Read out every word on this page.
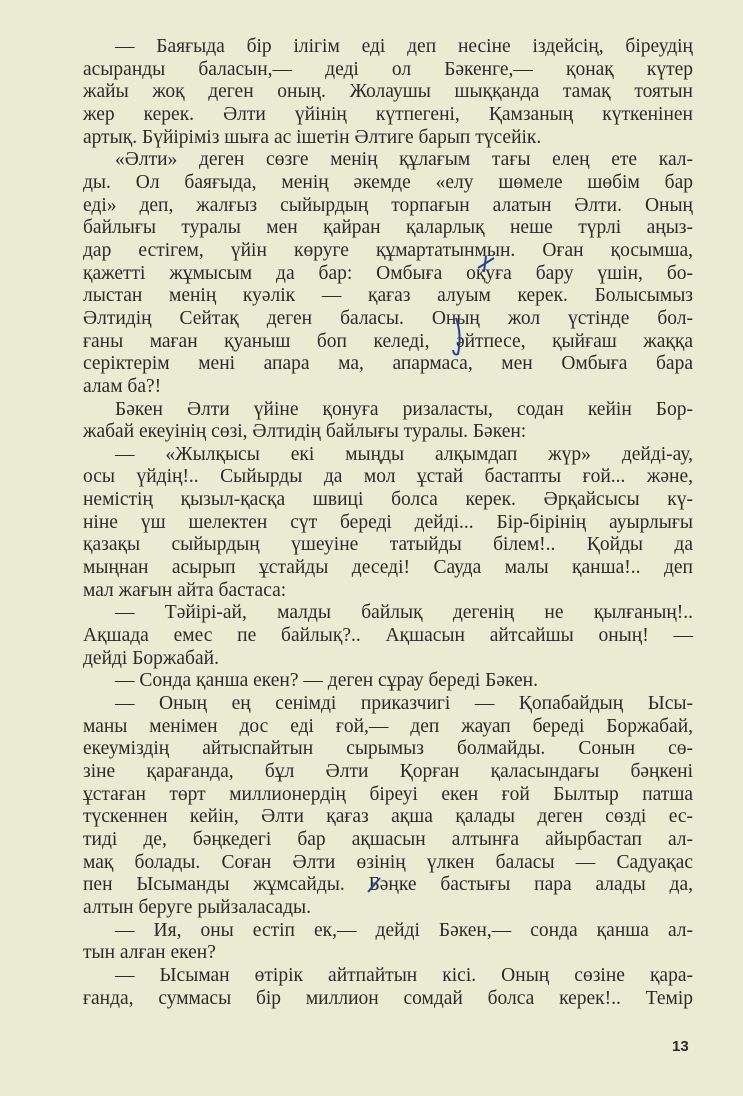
— Баяғыда бір ілігім еді деп несіне іздейсің, біреудің
асыранды баласын,— деді ол Бәкенге,— қонақ күтер
жайы жоқ деген оның. Жолаушы шыққанда тамақ тоятын
жер керек. Әлти үйінің күтпегені, Қамзаның күткенінен
артық. Бүйіріміз шыға ас ішетін Әлтиге барып түсейік.
«Әлти» деген сөзге менің құлағым тағы елең ете кал-
ды. Ол баяғыда, менің әкемде «елу шөмеле шөбім бар
еді» деп, жалғыз сыйырдың торпағын алатын Әлти. Оның
байлығы туралы мен қайран қаларлық неше түрлі аңыз-
дар естігем, үйін көруге құмартатынмын. Оған қосымша,
қажетті жұмысым да бар: Омбыға оқуға бару үшін, бо-
лыстан менің куәлік — қағаз алуым керек. Болысымыз
Әлтидің Сейтақ деген баласы. Оның жол үстінде бол-
ғаны маған қуаныш боп келеді, әйтпесе, қыйғаш жаққа
серіктерім мені апара ма, апармаса, мен Омбыға бара
алам ба?!
Бәкен Әлти үйіне қонуға ризаласты, содан кейін Бор-
жабай екеуінің сөзі, Әлтидің байлығы туралы. Бәкен:
— «Жылқысы екі мыңды алқымдап жүр» дейді-ау,
осы үйдің!.. Сыйырды да мол ұстай бастапты ғой... және,
немістің қызыл-қасқа швиці болса керек. Әрқайсысы кү-
ніне үш шелектен сүт береді дейді... Бір-бірінің ауырлығы
қазақы сыйырдың үшеуіне татыйды білем!.. Қойды да
мыңнан асырып ұстайды деседі! Сауда малы қанша!.. деп
мал жағын айта бастаса:
— Тәйірі-ай, малды байлық дегенің не қылғаның!..
Ақшада емес пе байлық?.. Ақшасын айтсайшы оның! —
дейді Боржабай.
— Сонда қанша екен? — деген сұрау береді Бәкен.
— Оның ең сенімді приказчигі — Қопабайдың Ысы-
маны менімен дос еді ғой,— деп жауап береді Боржабай,
екеуміздің айтыспайтын сырымыз болмайды. Сонын сө-
зіне қарағанда, бұл Әлти Қорған қаласындағы бәңкені
ұстаған төрт миллионердің біреуі екен ғой Былтыр патша
түскеннен кейін, Әлти қағаз ақша қалады деген сөзді ес-
тиді де, бәңкедегі бар ақшасын алтынға айырбастап ал-
мақ болады. Соған Әлти өзінің үлкен баласы — Садуақас
пен Ысыманды жұмсайды. Бәңке бастығы пара алады да,
алтын беруге рыйзаласады.
— Ия, оны естіп ек,— дейді Бәкен,— сонда қанша ал-
тын алған екен?
— Ысыман өтірік айтпайтын кісі. Оның сөзіне қара-
ғанда, суммасы бір миллион сомдай болса керек!.. Темір
13
